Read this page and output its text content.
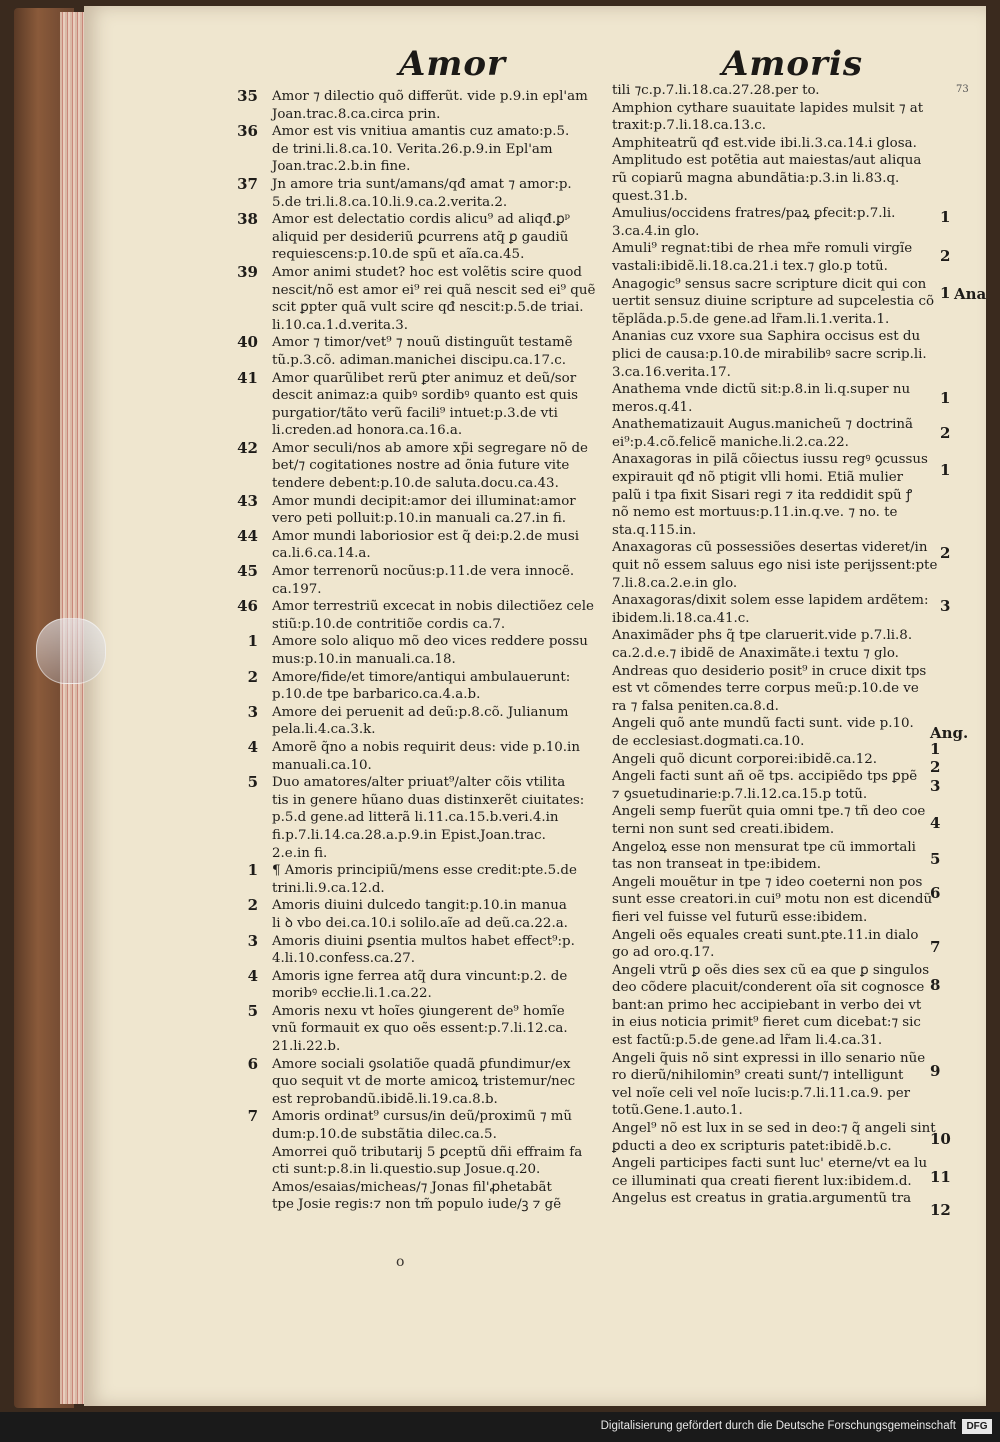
Amor	Amoris
73
35 Amor ⁊ dilectio quõ differũt. vide p.9.in epl'am
Joan.trac.8.ca.circa prin.
36 Amor est vis vnitiua amantis cuz amato:p.5.
de trini.li.8.ca.10. Verita.26.p.9.in Epl'am
Joan.trac.2.b.in fine.
37 Jn amore tria sunt/amans/qđ amat ⁊ amor:p.
5.de tri.li.8.ca.10.li.9.ca.2.verita.2.
38 Amor est delectatio cordis alicu⁹ ad aliqđ.ꝑᵖ
aliquid per desideriũ ꝑcurrens atq̃ ꝑ gaudiũ
requiescens:p.10.de spũ et aĩa.ca.45.
39 Amor animi studet? hoc est volẽtis scire quod
nescit/nõ est amor ei⁹ rei quã nescit sed ei⁹ quẽ
scit ꝑpter quã vult scire qđ nescit:p.5.de triai.
li.10.ca.1.d.verita.3.
40 Amor ⁊ timor/vet⁹ ⁊ nouũ distinguũt testamẽ
tũ.p.3.cõ. adiman.manichei discipu.ca.17.c.
41 Amor quarũlibet rerũ ꝑter animuz et deũ/sor
descit animaz:a quibꝰ sordibꝰ quanto est quis
purgatior/tãto verũ facili⁹ intuet:p.3.de vti
li.creden.ad honora.ca.16.a.
42 Amor seculi/nos ab amore xp̃i segregare nõ de
bet/⁊ cogitationes nostre ad õnia future vite
tendere debent:p.10.de saluta.docu.ca.43.
43 Amor mundi decipit:amor dei illuminat:amor
vero peti polluit:p.10.in manuali ca.27.in fi.
44 Amor mundi laboriosior est q̃ dei:p.2.de musi
ca.li.6.ca.14.a.
45 Amor terrenorũ nocũus:p.11.de vera innocẽ.
ca.197.
46 Amor terrestriũ excecat in nobis dilectiõez cele
stiũ:p.10.de contritiõe cordis ca.7.
1 Amore solo aliquo mõ deo vices reddere possu
mus:p.10.in manuali.ca.18.
2 Amore/fide/et timore/antiqui ambulauerunt:
p.10.de tpe barbarico.ca.4.a.b.
3 Amore dei peruenit ad deũ:p.8.cõ. Julianum
pela.li.4.ca.3.k.
4 Amorẽ q̃no a nobis requirit deus: vide p.10.in
manuali.ca.10.
5 Duo amatores/alter priuat⁹/alter cõis vtilita
tis in genere hũano duas distinxerẽt ciuitates:
p.5.d gene.ad litterã li.11.ca.15.b.veri.4.in
fi.p.7.li.14.ca.28.a.p.9.in Epist.Joan.trac.
2.e.in fi.
1 ¶ Amoris principiũ/mens esse credit:pte.5.de
trini.li.9.ca.12.d.
2 Amoris diuini dulcedo tangit:p.10.in manua
li ꝺ vbo dei.ca.10.i solilo.aĩe ad deũ.ca.22.a.
3 Amoris diuini ꝑsentia multos habet effect⁹:p.
4.li.10.confess.ca.27.
4 Amoris igne ferrea atq̃ dura vincunt:p.2. de
moribꝰ eccłie.li.1.ca.22.
5 Amoris nexu vt hoĩes ꝯiungerent de⁹ homĩe
vnũ formauit ex quo oẽs essent:p.7.li.12.ca.
21.li.22.b.
6 Amore sociali ꝯsolatiõe quadã ꝑfundimur/ex
quo sequit vt de morte amicoꝝ tristemur/nec
est reprobandũ.ibidẽ.li.19.ca.8.b.
7 Amoris ordinat⁹ cursus/in deũ/proximũ ⁊ mũ
dum:p.10.de substãtia dilec.ca.5.
Amorrei quõ tributarij 5 ꝑceptũ dñi effraim fa
cti sunt:p.8.in li.questio.sup Josue.q.20.
Amos/esaias/micheas/⁊ Jonas fil'ꝓhetabãt
tpe Josie regis:⁊ non tm̃ populo iude/ꝫ ⁊ gẽ
tili ⁊c.p.7.li.18.ca.27.28.per to.
Amphion cythare suauitate lapides mulsit ⁊ at
traxit:p.7.li.18.ca.13.c.
Amphiteatrũ qđ est.vide ibi.li.3.ca.14.i glosa.
Amplitudo est potẽtia aut maiestas/aut aliqua
rũ copiarũ magna abundãtia:p.3.in li.83.q.
quest.31.b.
Amulius/occidens fratres/paꝝ ꝑfecit:p.7.li.
3.ca.4.in glo.
Amuli⁹ regnat:tibi de rhea mr̃e romuli virgĩe
vastali:ibidẽ.li.18.ca.21.i tex.⁊ glo.p totũ.
Anagogic⁹ sensus sacre scripture dicit qui con
uertit sensuz diuine scripture ad supcelestia cõ
tẽplãda.p.5.de gene.ad lr̃am.li.1.verita.1.
Ananias cuz vxore sua Saphira occisus est du
plici de causa:p.10.de mirabilibꝰ sacre scrip.li.
3.ca.16.verita.17.
Anathema vnde dictũ sit:p.8.in li.q.super nu
meros.q.41.
Anathematizauit Augus.manicheũ ⁊ doctrinã
ei⁹:p.4.cõ.felicẽ maniche.li.2.ca.22.
Anaxagoras in pilã cõiectus iussu regꝰ ꝯcussus
expirauit qđ nõ ptigit vlli homi. Etiã mulier
palũ i tpa fixit Sisari regi ⁊ ita reddidit spũ ꝭ
nõ nemo est mortuus:p.11.in.q.ve. ⁊ no. te
sta.q.115.in.
Anaxagoras cũ possessiões desertas videret/in
quit nõ essem saluus ego nisi iste perijssent:pte
7.li.8.ca.2.e.in glo.
Anaxagoras/dixit solem esse lapidem ardẽtem:
ibidem.li.18.ca.41.c.
Anaximãder phs q̃ tpe claruerit.vide p.7.li.8.
ca.2.d.e.⁊ ibidẽ de Anaximãte.i textu ⁊ glo.
Andreas quo desiderio posit⁹ in cruce dixit tps
est vt cõmendes terre corpus meũ:p.10.de ve
ra ⁊ falsa peniten.ca.8.d.
Angeli quõ ante mundũ facti sunt. vide p.10.
de ecclesiast.dogmati.ca.10.
Angeli quõ dicunt corporei:ibidẽ.ca.12.
Angeli facti sunt añ oẽ tps. accipiẽdo tps ꝑpẽ
⁊ ꝯsuetudinarie:p.7.li.12.ca.15.p totũ.
Angeli semp fuerũt quia omni tpe.⁊ tñ deo coe
terni non sunt sed creati.ibidem.
Angeloꝝ esse non mensurat tpe cũ immortali
tas non transeat in tpe:ibidem.
Angeli mouẽtur in tpe ⁊ ideo coeterni non pos
sunt esse creatori.in cui⁹ motu non est dicendũ
fieri vel fuisse vel futurũ esse:ibidem.
Angeli oẽs equales creati sunt.pte.11.in dialo
go ad oro.q.17.
Angeli vtrũ ꝑ oẽs dies sex cũ ea que ꝑ singulos
deo cõdere placuit/conderent oĩa sit cognosce
bant:an primo hec accipiebant in verbo dei vt
in eius noticia primit⁹ fieret cum dicebat:⁊ sic
est factũ:p.5.de gene.ad lr̃am li.4.ca.31.
Angeli q̃uis nõ sint expressi in illo senario nũe
ro dierũ/nihilomin⁹ creati sunt/⁊ intelligunt
vel noĩe celi vel noĩe lucis:p.7.li.11.ca.9. per
totũ.Gene.1.auto.1.
Angel⁹ nõ est lux in se sed in deo:⁊ q̃ angeli sint
ꝑducti a deo ex scripturis patet:ibidẽ.b.c.
Angeli participes facti sunt luc' eterne/vt ea lu
ce illuminati qua creati fierent lux:ibidem.d.
Angelus est creatus in gratia.argumentũ tra
o
1
2
1 Ana
1
2
1
2
3
Ang.
1
2
3
4
5
6
7
8
9
10
11
12
Digitalisierung gefördert durch die Deutsche Forschungsgemeinschaft	DFG
